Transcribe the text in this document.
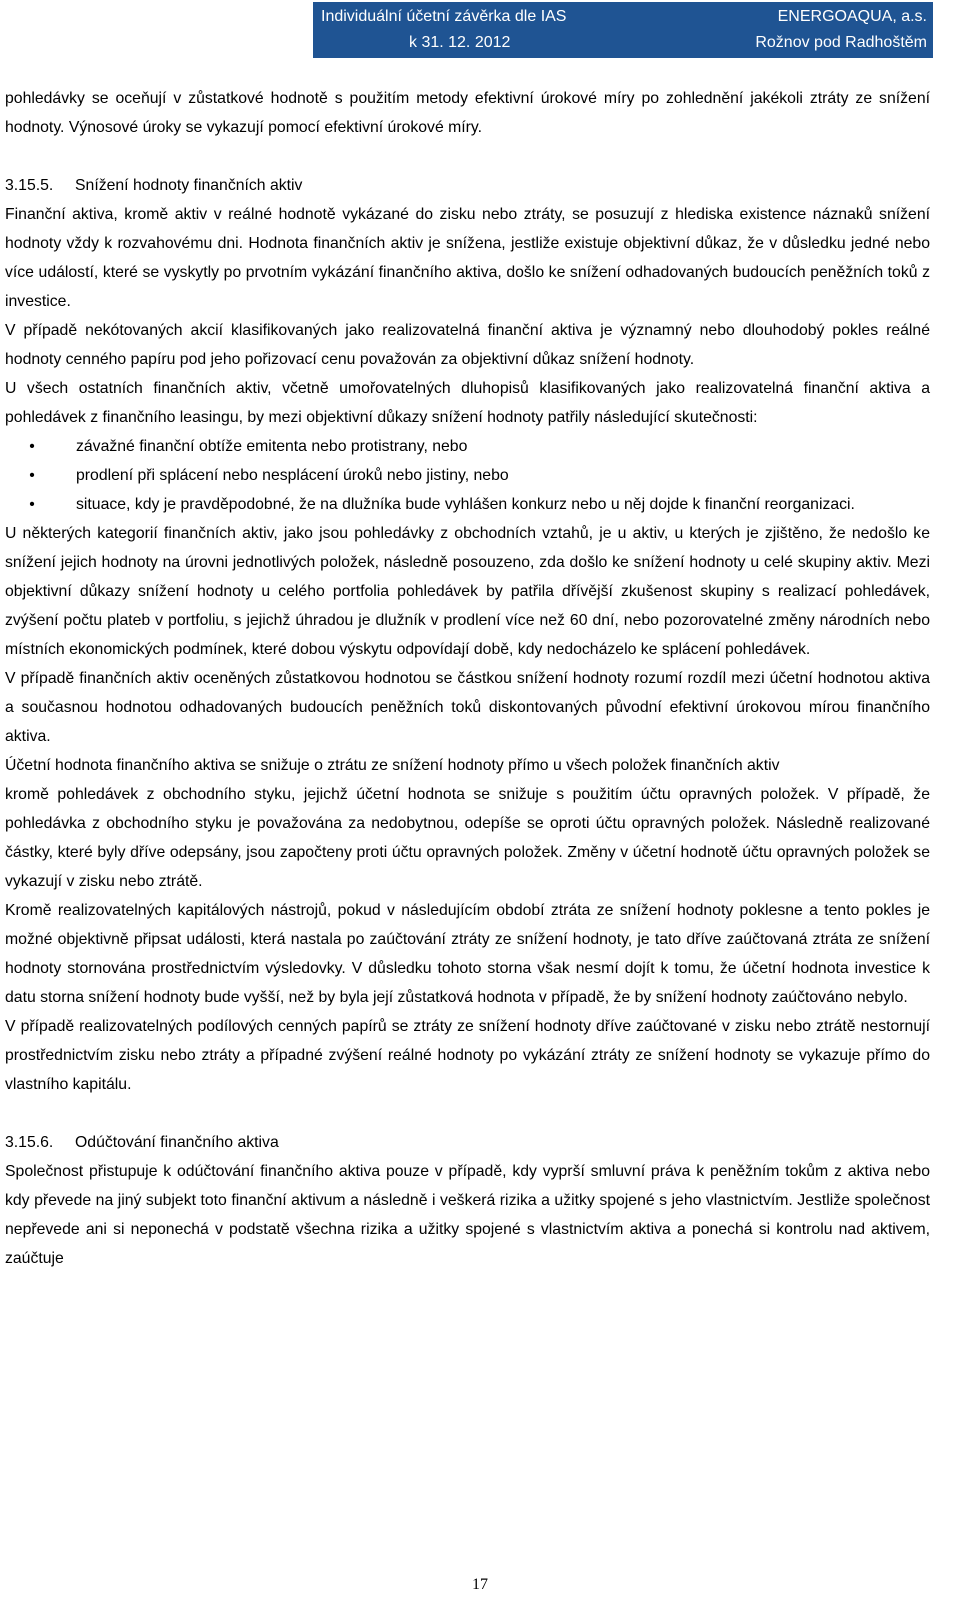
Individuální účetní závěrka dle IAS
k 31. 12. 2012
ENERGOAQUA, a.s.
Rožnov pod Radhoštěm

pohledávky se oceňují v zůstatkové hodnotě s použitím metody efektivní úrokové míry po zohlednění jakékoli ztráty ze snížení hodnoty. Výnosové úroky se vykazují pomocí efektivní úrokové míry.

3.15.5. Snížení hodnoty finančních aktiv

Finanční aktiva, kromě aktiv v reálné hodnotě vykázané do zisku nebo ztráty, se posuzují z hlediska existence náznaků snížení hodnoty vždy k rozvahovému dni. Hodnota finančních aktiv je snížena, jestliže existuje objektivní důkaz, že v důsledku jedné nebo více událostí, které se vyskytly po prvotním vykázání finančního aktiva, došlo ke snížení odhadovaných budoucích peněžních toků z investice.

V případě nekótovaných akcií klasifikovaných jako realizovatelná finanční aktiva je významný nebo dlouhodobý pokles reálné hodnoty cenného papíru pod jeho pořizovací cenu považován za objektivní důkaz snížení hodnoty.

U všech ostatních finančních aktiv, včetně umořovatelných dluhopisů klasifikovaných jako realizovatelná finanční aktiva a pohledávek z finančního leasingu, by mezi objektivní důkazy snížení hodnoty patřily následující skutečnosti:

•	závažné finanční obtíže emitenta nebo protistrany, nebo
•	prodlení při splácení nebo nesplácení úroků nebo jistiny, nebo
•	situace, kdy je pravděpodobné, že na dlužníka bude vyhlášen konkurz nebo u něj dojde k finanční reorganizaci.

U některých kategorií finančních aktiv, jako jsou pohledávky z obchodních vztahů, je u aktiv, u kterých je zjištěno, že nedošlo ke snížení jejich hodnoty na úrovni jednotlivých položek, následně posouzeno, zda došlo ke snížení hodnoty u celé skupiny aktiv. Mezi objektivní důkazy snížení hodnoty u celého portfolia pohledávek by patřila dřívější zkušenost skupiny s realizací pohledávek, zvýšení počtu plateb v portfoliu, s jejichž úhradou je dlužník v prodlení více než 60 dní, nebo pozorovatelné změny národních nebo místních ekonomických podmínek, které dobou výskytu odpovídají době, kdy nedocházelo ke splácení pohledávek.

V případě finančních aktiv oceněných zůstatkovou hodnotou se částkou snížení hodnoty rozumí rozdíl mezi účetní hodnotou aktiva a současnou hodnotou odhadovaných budoucích peněžních toků diskontovaných původní efektivní úrokovou mírou finančního aktiva.

Účetní hodnota finančního aktiva se snižuje o ztrátu ze snížení hodnoty přímo u všech položek finančních aktiv

kromě pohledávek z obchodního styku, jejichž účetní hodnota se snižuje s použitím účtu opravných položek. V případě, že pohledávka z obchodního styku je považována za nedobytnou, odepíše se oproti účtu opravných položek. Následně realizované částky, které byly dříve odepsány, jsou započteny proti účtu opravných položek. Změny v účetní hodnotě účtu opravných položek se vykazují v zisku nebo ztrátě.

Kromě realizovatelných kapitálových nástrojů, pokud v následujícím období ztráta ze snížení hodnoty poklesne a tento pokles je možné objektivně připsat události, která nastala po zaúčtování ztráty ze snížení hodnoty, je tato dříve zaúčtovaná ztráta ze snížení hodnoty stornována prostřednictvím výsledovky. V důsledku tohoto storna však nesmí dojít k tomu, že účetní hodnota investice k datu storna snížení hodnoty bude vyšší, než by byla její zůstatková hodnota v případě, že by snížení hodnoty zaúčtováno nebylo.

V případě realizovatelných podílových cenných papírů se ztráty ze snížení hodnoty dříve zaúčtované v zisku nebo ztrátě nestornují prostřednictvím zisku nebo ztráty a případné zvýšení reálné hodnoty po vykázání ztráty ze snížení hodnoty se vykazuje přímo do vlastního kapitálu.

3.15.6. Odúčtování finančního aktiva

Společnost přistupuje k odúčtování finančního aktiva pouze v případě, kdy vyprší smluvní práva k peněžním tokům z aktiva nebo kdy převede na jiný subjekt toto finanční aktivum a následně i veškerá rizika a užitky spojené s jeho vlastnictvím. Jestliže společnost nepřevede ani si neponechá v podstatě všechna rizika a užitky spojené s vlastnictvím aktiva a ponechá si kontrolu nad aktivem, zaúčtuje

17
